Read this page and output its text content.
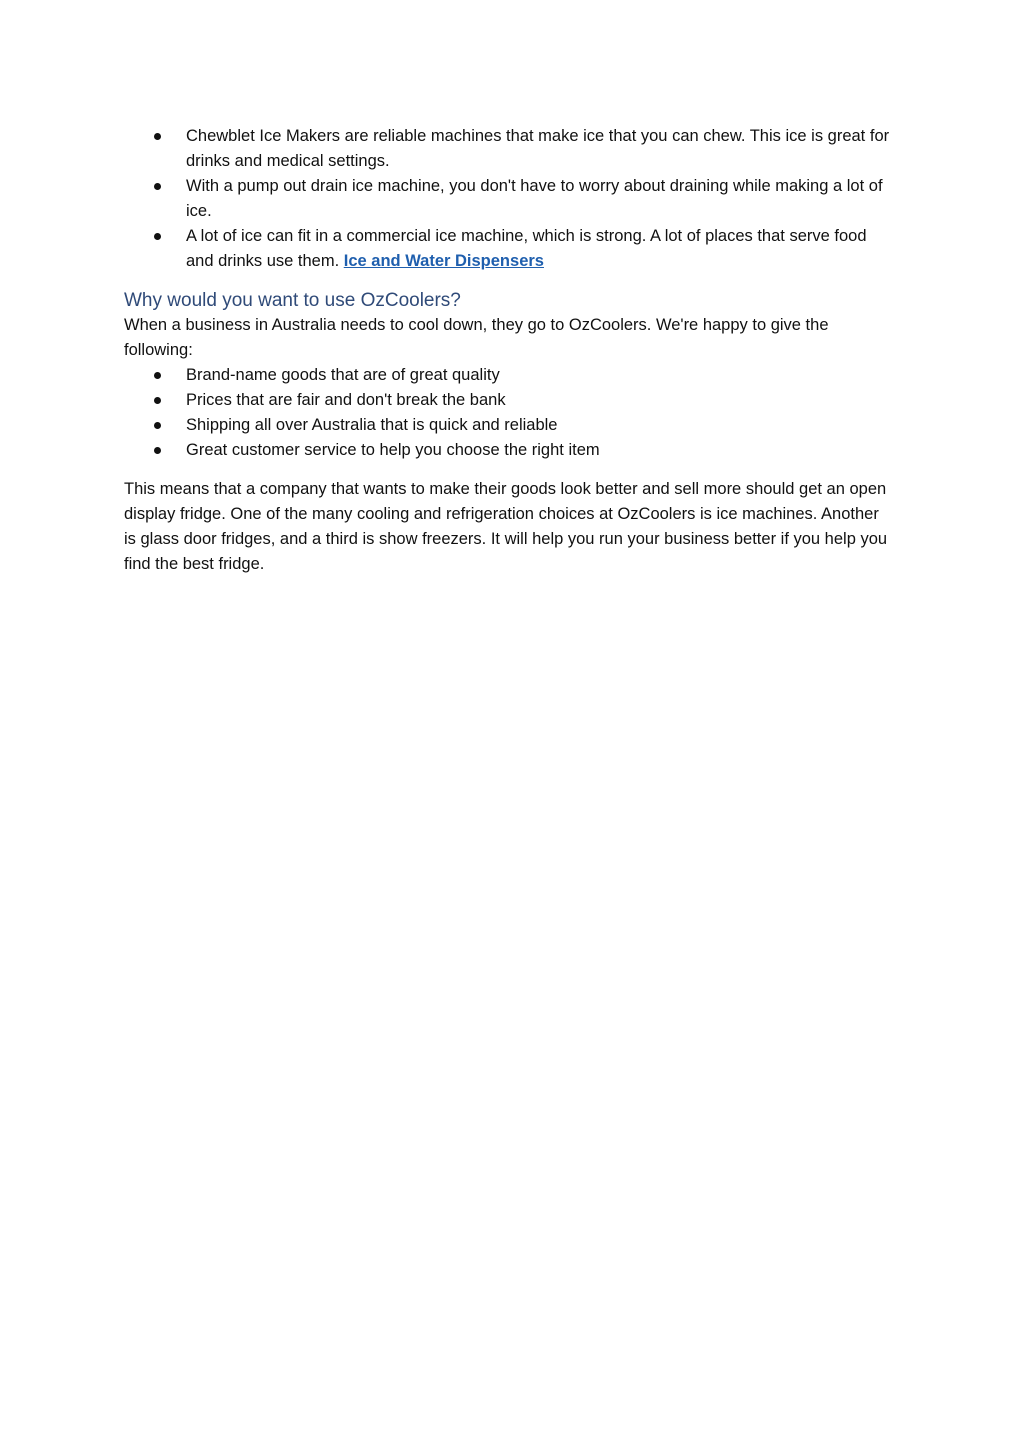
Chewblet Ice Makers are reliable machines that make ice that you can chew. This ice is great for drinks and medical settings.
With a pump out drain ice machine, you don't have to worry about draining while making a lot of ice.
A lot of ice can fit in a commercial ice machine, which is strong. A lot of places that serve food and drinks use them. Ice and Water Dispensers
Why would you want to use OzCoolers?

When a business in Australia needs to cool down, they go to OzCoolers. We're happy to give the following:

Brand-name goods that are of great quality
Prices that are fair and don't break the bank
Shipping all over Australia that is quick and reliable
Great customer service to help you choose the right item

This means that a company that wants to make their goods look better and sell more should get an open display fridge. One of the many cooling and refrigeration choices at OzCoolers is ice machines. Another is glass door fridges, and a third is show freezers. It will help you run your business better if you help you find the best fridge.
